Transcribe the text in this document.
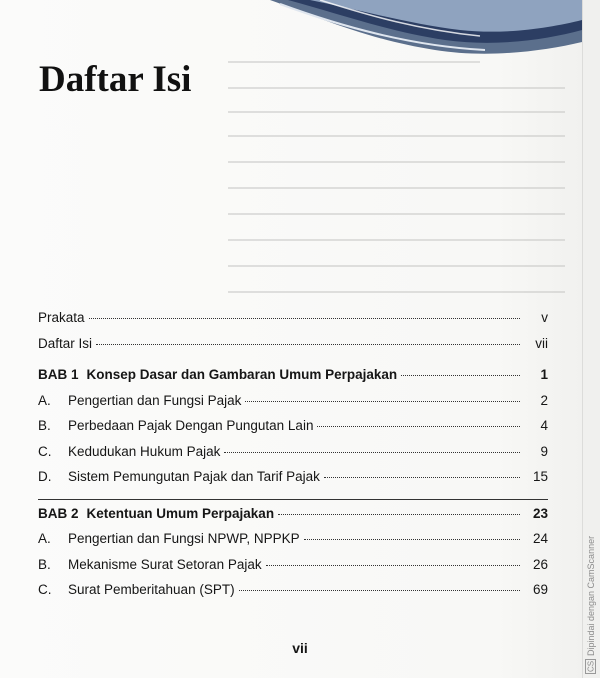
Daftar Isi
Prakata	v
Daftar Isi	vii
BAB 1 Konsep Dasar dan Gambaran Umum Perpajakan	1
A.	Pengertian dan Fungsi Pajak	2
B.	Perbedaan Pajak Dengan Pungutan Lain	4
C.	Kedudukan Hukum Pajak	9
D.	Sistem Pemungutan Pajak dan Tarif Pajak	15
BAB 2 Ketentuan Umum Perpajakan	23
A.	Pengertian dan Fungsi NPWP, NPPKP	24
B.	Mekanisme Surat Setoran Pajak	26
C.	Surat Pemberitahuan (SPT)	69
vii
CS
Dipindai dengan CamScanner
